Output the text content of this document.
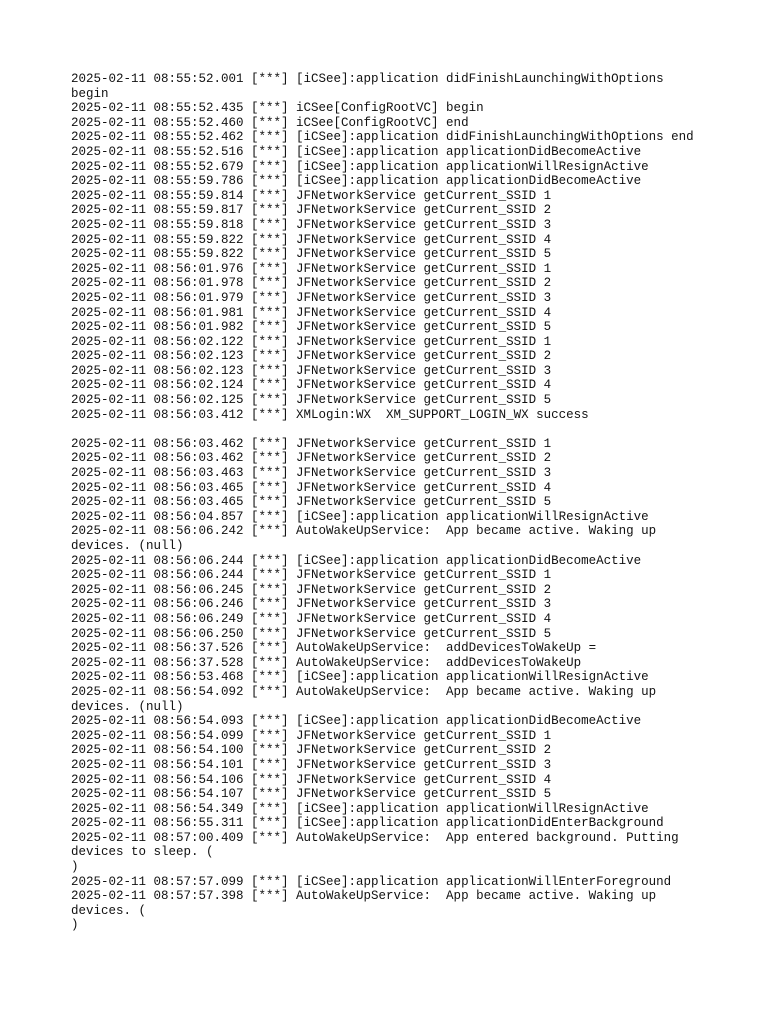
2025-02-11 08:55:52.001 [***] [iCSee]:application didFinishLaunchingWithOptions
begin
2025-02-11 08:55:52.435 [***] iCSee[ConfigRootVC] begin
2025-02-11 08:55:52.460 [***] iCSee[ConfigRootVC] end
2025-02-11 08:55:52.462 [***] [iCSee]:application didFinishLaunchingWithOptions end
2025-02-11 08:55:52.516 [***] [iCSee]:application applicationDidBecomeActive
2025-02-11 08:55:52.679 [***] [iCSee]:application applicationWillResignActive
2025-02-11 08:55:59.786 [***] [iCSee]:application applicationDidBecomeActive
2025-02-11 08:55:59.814 [***] JFNetworkService getCurrent_SSID 1
2025-02-11 08:55:59.817 [***] JFNetworkService getCurrent_SSID 2
2025-02-11 08:55:59.818 [***] JFNetworkService getCurrent_SSID 3
2025-02-11 08:55:59.822 [***] JFNetworkService getCurrent_SSID 4
2025-02-11 08:55:59.822 [***] JFNetworkService getCurrent_SSID 5
2025-02-11 08:56:01.976 [***] JFNetworkService getCurrent_SSID 1
2025-02-11 08:56:01.978 [***] JFNetworkService getCurrent_SSID 2
2025-02-11 08:56:01.979 [***] JFNetworkService getCurrent_SSID 3
2025-02-11 08:56:01.981 [***] JFNetworkService getCurrent_SSID 4
2025-02-11 08:56:01.982 [***] JFNetworkService getCurrent_SSID 5
2025-02-11 08:56:02.122 [***] JFNetworkService getCurrent_SSID 1
2025-02-11 08:56:02.123 [***] JFNetworkService getCurrent_SSID 2
2025-02-11 08:56:02.123 [***] JFNetworkService getCurrent_SSID 3
2025-02-11 08:56:02.124 [***] JFNetworkService getCurrent_SSID 4
2025-02-11 08:56:02.125 [***] JFNetworkService getCurrent_SSID 5
2025-02-11 08:56:03.412 [***] XMLogin:WX  XM_SUPPORT_LOGIN_WX success
2025-02-11 08:56:03.462 [***] JFNetworkService getCurrent_SSID 1
2025-02-11 08:56:03.462 [***] JFNetworkService getCurrent_SSID 2
2025-02-11 08:56:03.463 [***] JFNetworkService getCurrent_SSID 3
2025-02-11 08:56:03.465 [***] JFNetworkService getCurrent_SSID 4
2025-02-11 08:56:03.465 [***] JFNetworkService getCurrent_SSID 5
2025-02-11 08:56:04.857 [***] [iCSee]:application applicationWillResignActive
2025-02-11 08:56:06.242 [***] AutoWakeUpService:  App became active. Waking up
devices. (null)
2025-02-11 08:56:06.244 [***] [iCSee]:application applicationDidBecomeActive
2025-02-11 08:56:06.244 [***] JFNetworkService getCurrent_SSID 1
2025-02-11 08:56:06.245 [***] JFNetworkService getCurrent_SSID 2
2025-02-11 08:56:06.246 [***] JFNetworkService getCurrent_SSID 3
2025-02-11 08:56:06.249 [***] JFNetworkService getCurrent_SSID 4
2025-02-11 08:56:06.250 [***] JFNetworkService getCurrent_SSID 5
2025-02-11 08:56:37.526 [***] AutoWakeUpService:  addDevicesToWakeUp =
2025-02-11 08:56:37.528 [***] AutoWakeUpService:  addDevicesToWakeUp
2025-02-11 08:56:53.468 [***] [iCSee]:application applicationWillResignActive
2025-02-11 08:56:54.092 [***] AutoWakeUpService:  App became active. Waking up
devices. (null)
2025-02-11 08:56:54.093 [***] [iCSee]:application applicationDidBecomeActive
2025-02-11 08:56:54.099 [***] JFNetworkService getCurrent_SSID 1
2025-02-11 08:56:54.100 [***] JFNetworkService getCurrent_SSID 2
2025-02-11 08:56:54.101 [***] JFNetworkService getCurrent_SSID 3
2025-02-11 08:56:54.106 [***] JFNetworkService getCurrent_SSID 4
2025-02-11 08:56:54.107 [***] JFNetworkService getCurrent_SSID 5
2025-02-11 08:56:54.349 [***] [iCSee]:application applicationWillResignActive
2025-02-11 08:56:55.311 [***] [iCSee]:application applicationDidEnterBackground
2025-02-11 08:57:00.409 [***] AutoWakeUpService:  App entered background. Putting
devices to sleep. (
)
2025-02-11 08:57:57.099 [***] [iCSee]:application applicationWillEnterForeground
2025-02-11 08:57:57.398 [***] AutoWakeUpService:  App became active. Waking up
devices. (
)
